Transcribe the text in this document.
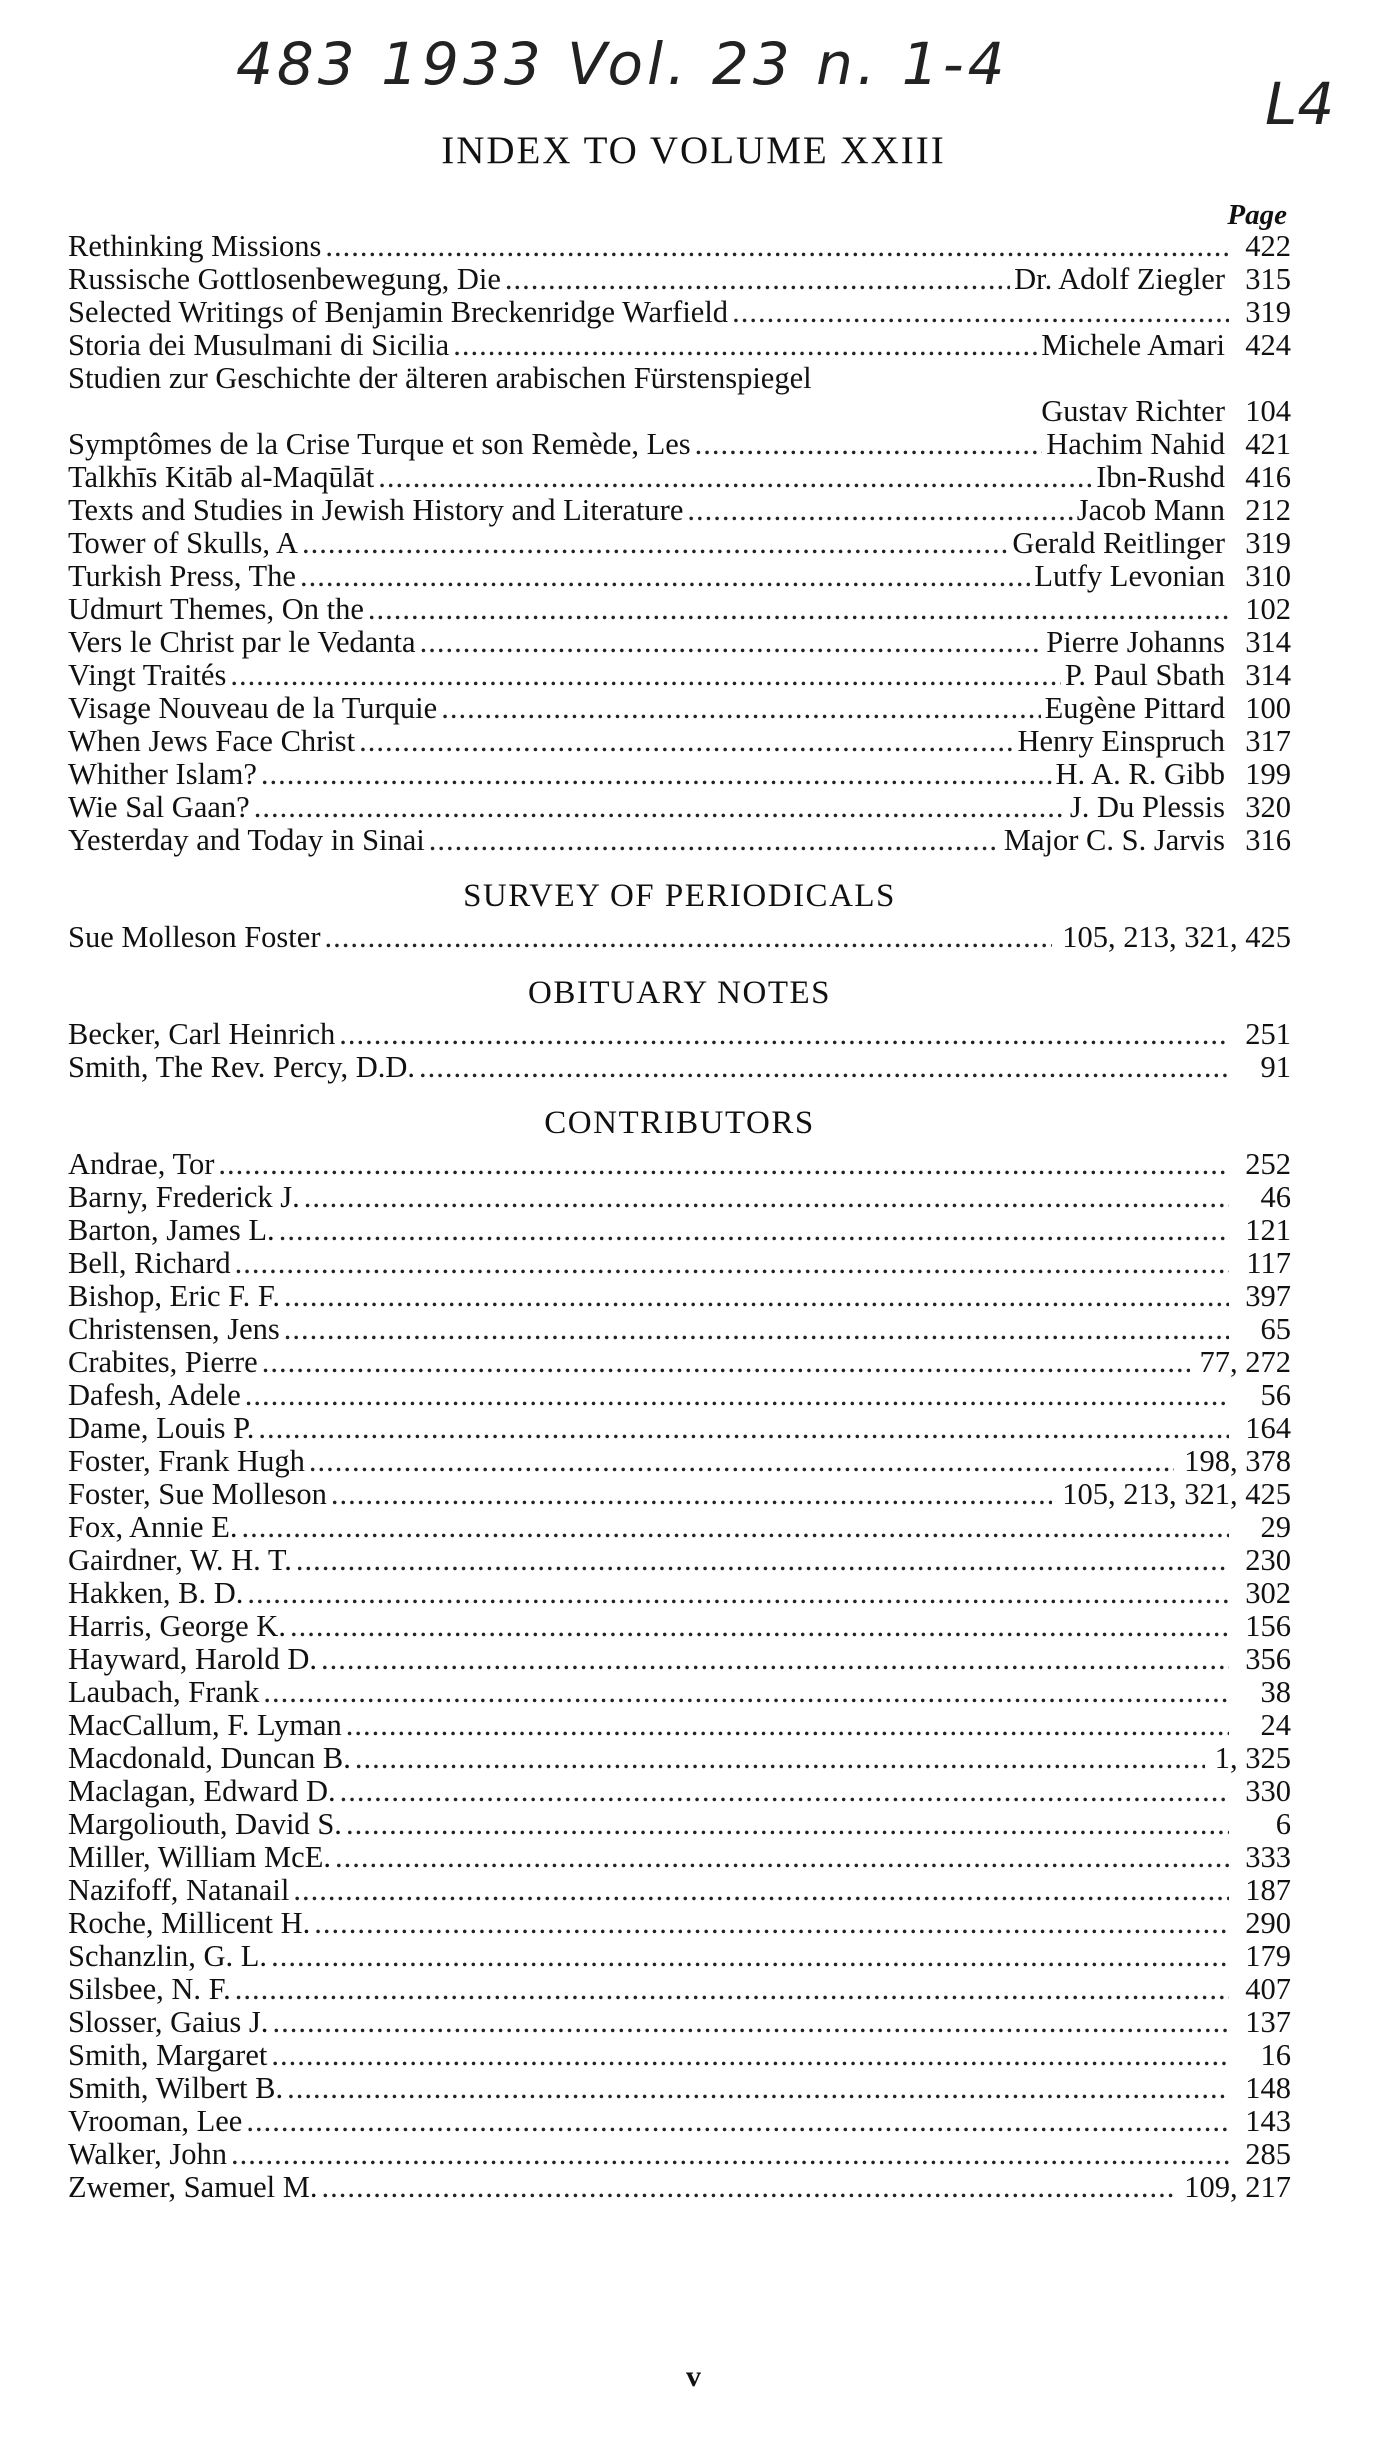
483 1933 Vol. 23 n. 1-4
L4
INDEX TO VOLUME XXIII
Page
Rethinking Missions .....	422
Russische Gottlosenbewegung, Die .....	Dr. Adolf Ziegler 315
Selected Writings of Benjamin Breckenridge Warfield .....	319
Storia dei Musulmani di Sicilia .....	Michele Amari 424
Studien zur Geschichte der älteren arabischen Fürstenspiegel
Gustav Richter 104
Symptômes de la Crise Turque et son Remède, Les .....	Hachim Nahid 421
Talkhīs Kitāb al-Maqūlāt .....	Ibn-Rushd 416
Texts and Studies in Jewish History and Literature .....	Jacob Mann 212
Tower of Skulls, A .....	Gerald Reitlinger 319
Turkish Press, The .....	Lutfy Levonian 310
Udmurt Themes, On the .....	102
Vers le Christ par le Vedanta .....	Pierre Johanns 314
Vingt Traités .....	P. Paul Sbath 314
Visage Nouveau de la Turquie .....	Eugène Pittard 100
When Jews Face Christ .....	Henry Einspruch 317
Whither Islam? .....	H. A. R. Gibb 199
Wie Sal Gaan? .....	J. Du Plessis 320
Yesterday and Today in Sinai .....	Major C. S. Jarvis 316
SURVEY OF PERIODICALS
Sue Molleson Foster .....	105, 213, 321, 425
OBITUARY NOTES
Becker, Carl Heinrich .....	251
Smith, The Rev. Percy, D.D. .....	91
CONTRIBUTORS
Andrae, Tor .....	252
Barny, Frederick J. .....	46
Barton, James L. .....	121
Bell, Richard .....	117
Bishop, Eric F. F. .....	397
Christensen, Jens .....	65
Crabites, Pierre .....	77, 272
Dafesh, Adele .....	56
Dame, Louis P. .....	164
Foster, Frank Hugh .....	198, 378
Foster, Sue Molleson .....	105, 213, 321, 425
Fox, Annie E. .....	29
Gairdner, W. H. T. .....	230
Hakken, B. D. .....	302
Harris, George K. .....	156
Hayward, Harold D. .....	356
Laubach, Frank .....	38
MacCallum, F. Lyman .....	24
Macdonald, Duncan B. .....	1, 325
Maclagan, Edward D. .....	330
Margoliouth, David S. .....	6
Miller, William McE. .....	333
Nazifoff, Natanail .....	187
Roche, Millicent H. .....	290
Schanzlin, G. L. .....	179
Silsbee, N. F. .....	407
Slosser, Gaius J. .....	137
Smith, Margaret .....	16
Smith, Wilbert B. .....	148
Vrooman, Lee .....	143
Walker, John .....	285
Zwemer, Samuel M. .....	109, 217
v
